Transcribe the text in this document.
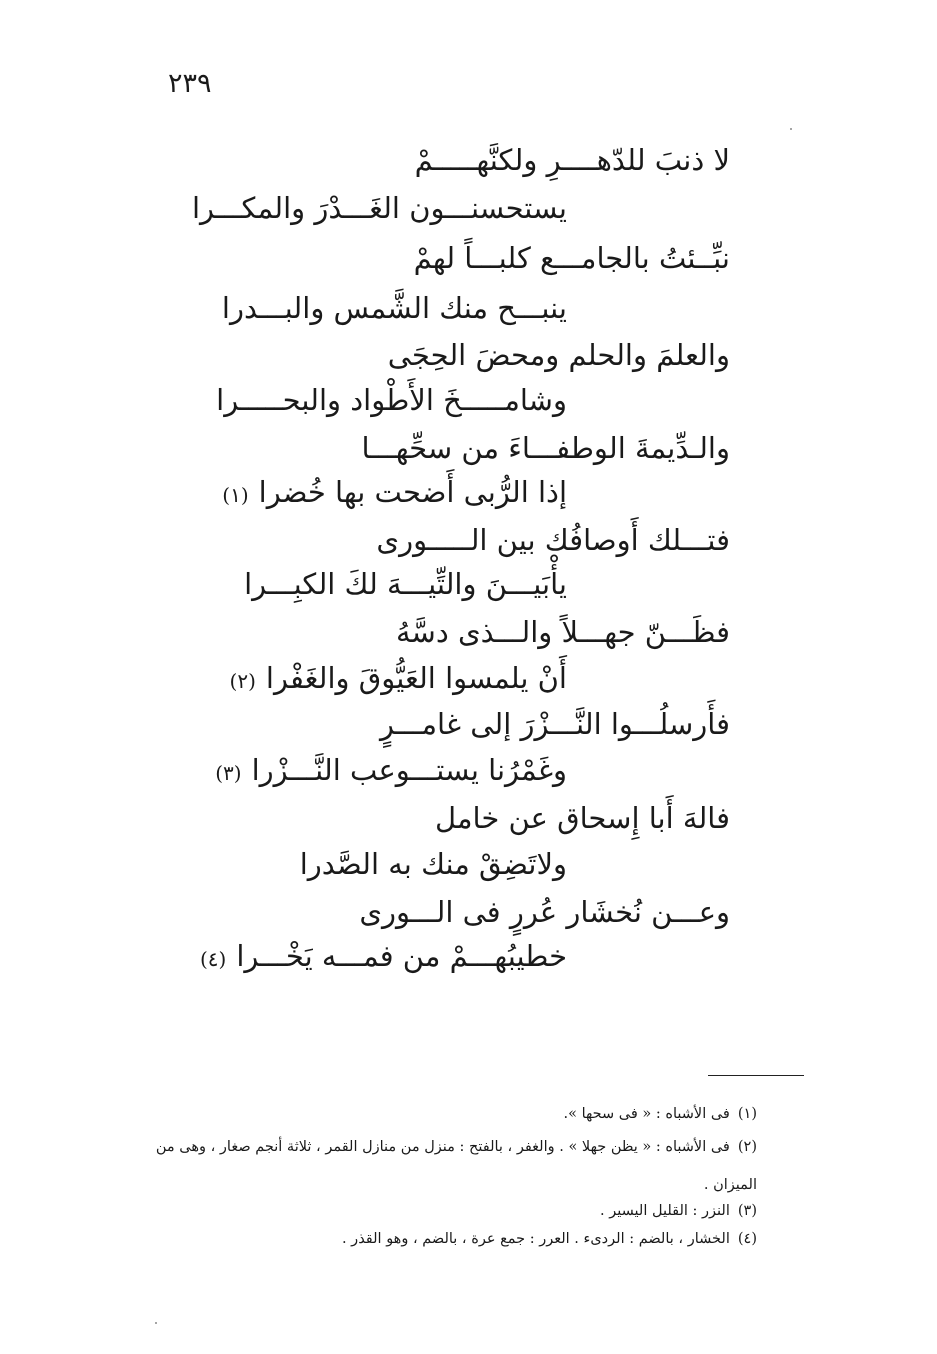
٢٣٩
لا ذنبَ للدّهــــرِ ولكنَّهـــــمْ
يستحسنـــون الغَـــدْرَ والمكـــرا
نبِّــئتُ بالجامـــع كلبـــاً لهمْ
ينبـــح منك الشَّمس والبـــدرا
والعلمَ والحلم ومحضَ الحِجَى
وشامـــــخَ الأَطْواد والبحـــــرا
والـدِّيمةَ الوطفـــاءَ من سحِّهـــا
إذا الرُّبى أَضحت بها خُضرا(١)
فتـــلك أَوصافُك بين الـــــورى
يأْبَيـــنَ والتِّيـــهَ لكَ الكبِـــرا
فظَـــنّ جهـــلاً والـــذى دسَّهُ
أَنْ يلمسوا العَيُّوقَ والغَفْرا(٢)
فأَرسلُـــوا النَّـــزْرَ إلى غامـــرٍ
وغَمْرُنا يستـــوعب النَّـــزْرا(٣)
فالهَ أَبا إِسحاق عن خامل
ولاتَضِقْ منك به الصَّدرا
وعـــن نُخشَار عُررٍ فى الـــورى
خطيبُهـــمْ من فمـــه يَخْـــرا(٤)
(١)فى الأشباه : « فى سحها ».
(٢)فى الأشباه : « يظن جهلا » . والغفر ، بالفتح : منزل من منازل القمر ، ثلاثة أنجم صغار ، وهى من الميزان .
(٣)النزر : القليل اليسير .
(٤)الخشار ، بالضم : الردىء . العرر : جمع عرة ، بالضم ، وهو القذر .
